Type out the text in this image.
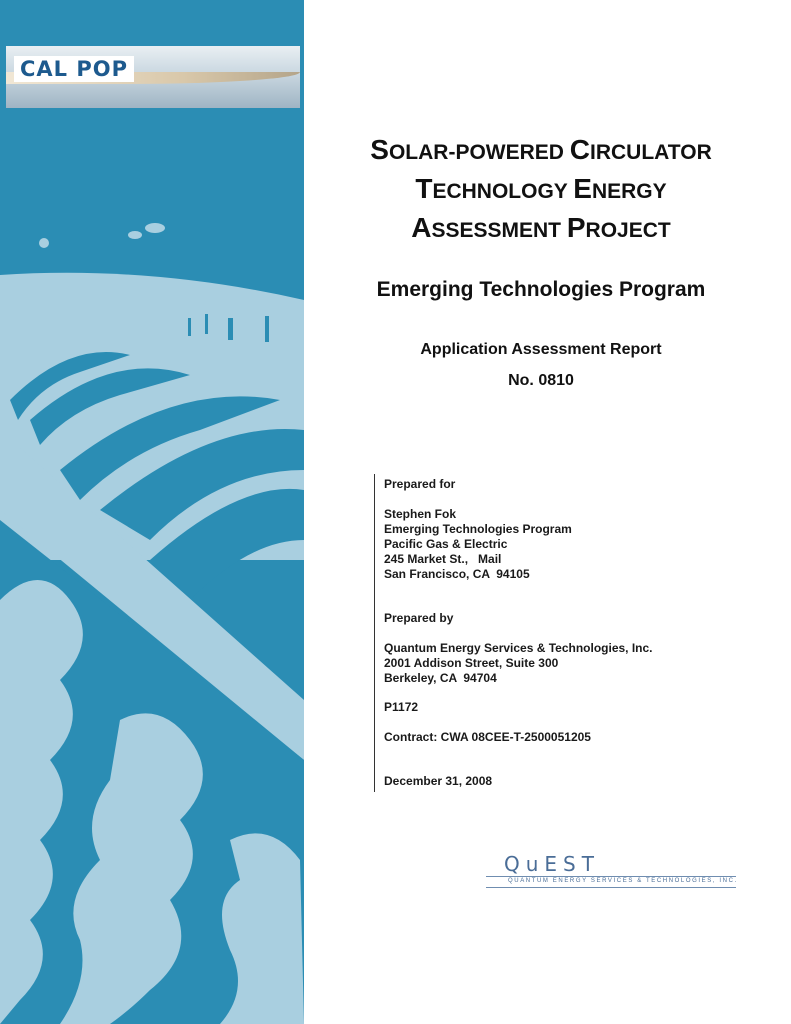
CAL POP
SOLAR-POWERED CIRCULATOR
TECHNOLOGY ENERGY
ASSESSMENT PROJECT
Emerging Technologies Program
Application Assessment Report
No. 0810
Prepared for
Stephen Fok
Emerging Technologies Program
Pacific Gas & Electric
245 Market St.,   Mail
San Francisco, CA  94105
Prepared by
Quantum Energy Services & Technologies, Inc.
2001 Addison Street, Suite 300
Berkeley, CA  94704
P1172
Contract: CWA 08CEE-T-2500051205
December 31, 2008
QuEST
QUANTUM ENERGY SERVICES & TECHNOLOGIES, INC.
